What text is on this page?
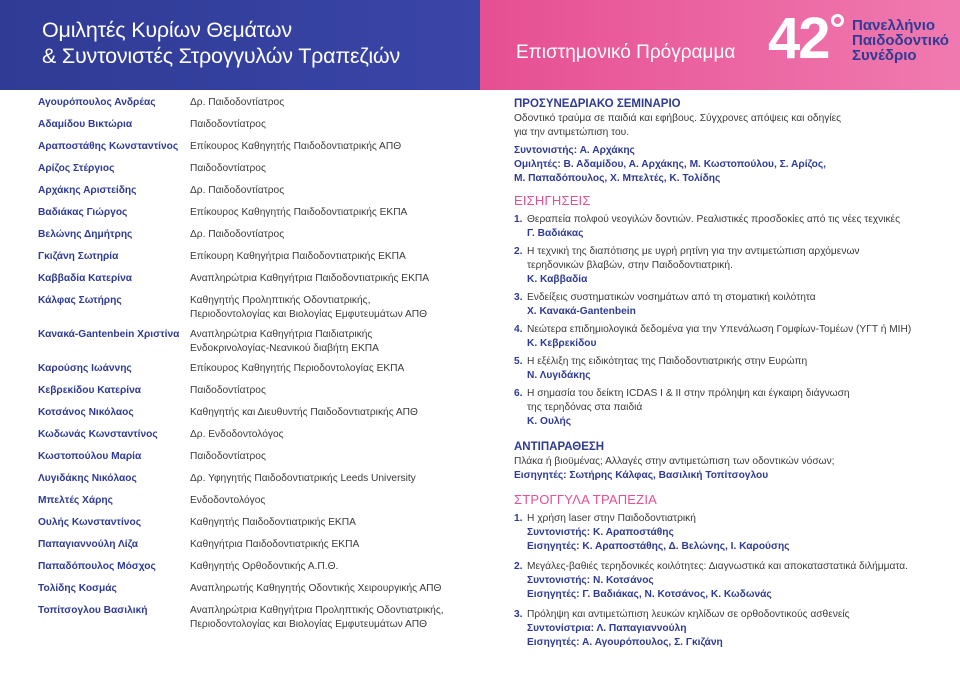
Ομιλητές Κυρίων Θεμάτων
& Συντονιστές Στρογγυλών Τραπεζιών	Επιστημονικό Πρόγραμμα 42 Πανελλήνιο
Παιδοδοντικό
Συνέδριο
Αγουρόπουλος Ανδρέας	Δρ. Παιδοδοντίατρος
Αδαμίδου Βικτώρια	Παιδοδοντίατρος
Αραποστάθης Κωνσταντίνος	Επίκουρος Καθηγητής Παιδοδοντιατρικής ΑΠΘ
Αρίζος Στέργιος	Παιδοδοντίατρος
Αρχάκης Αριστείδης	Δρ. Παιδοδοντίατρος
Βαδιάκας Γιώργος	Επίκουρος Καθηγητής Παιδοδοντιατρικής ΕΚΠΑ
Βελώνης Δημήτρης	Δρ. Παιδοδοντίατρος
Γκιζάνη Σωτηρία	Επίκουρη Καθηγήτρια Παιδοδοντιατρικής ΕΚΠΑ
Καββαδία Κατερίνα	Αναπληρώτρια Καθηγήτρια Παιδοδοντιατρικής ΕΚΠΑ
Κάλφας Σωτήρης	Καθηγητής Προληπτικής Οδοντιατρικής,
Περιοδοντολογίας και Βιολογίας Εμφυτευμάτων ΑΠΘ
Κανακά-Gantenbein Χριστίνα	Αναπληρώτρια Καθηγήτρια Παιδιατρικής
Ενδοκρινολογίας-Νεανικού διαβήτη ΕΚΠΑ
Καρούσης Ιωάννης	Επίκουρος Καθηγητής Περιοδοντολογίας ΕΚΠΑ
Κεβρεκίδου Κατερίνα	Παιδοδοντίατρος
Κοτσάνος Νικόλαος	Καθηγητής και Διευθυντής Παιδοδοντιατρικής ΑΠΘ
Κωδωνάς Κωνσταντίνος	Δρ. Ενδοδοντολόγος
Κωστοπούλου Μαρία	Παιδοδοντίατρος
Λυγιδάκης Νικόλαος	Δρ. Υφηγητής Παιδοδοντιατρικής Leeds University
Μπελτές Χάρης	Ενδοδοντολόγος
Ουλής Κωνσταντίνος	Καθηγητής Παιδοδοντιατρικής ΕΚΠΑ
Παπαγιαννούλη Λίζα	Καθηγήτρια Παιδοδοντιατρικής ΕΚΠΑ
Παπαδόπουλος Μόσχος	Καθηγητής Ορθοδοντικής Α.Π.Θ.
Τολίδης Κοσμάς	Αναπληρωτής Καθηγητής Οδοντικής Χειρουργικής ΑΠΘ
Τοπίτσογλου Βασιλική	Αναπληρώτρια Καθηγήτρια Προληπτικής Οδοντιατρικής,
Περιοδοντολογίας και Βιολογίας Εμφυτευμάτων ΑΠΘ
ΠΡΟΣΥΝΕΔΡΙΑΚΟ ΣΕΜΙΝΑΡΙΟ
Οδοντικό τραύμα σε παιδιά και εφήβους. Σύγχρονες απόψεις και οδηγίες
για την αντιμετώπιση του.
Συντονιστής: Α. Αρχάκης
Ομιλητές: Β. Αδαμίδου, Α. Αρχάκης, Μ. Κωστοπούλου, Σ. Αρίζος,
Μ. Παπαδόπουλος, Χ. Μπελτές, Κ. Τολίδης
ΕΙΣΗΓΗΣΕΙΣ
1. Θεραπεία πολφού νεογιλών δοντιών. Ρεαλιστικές προσδοκίες από τις νέες τεχνικές
Γ. Βαδιάκας
2. Η τεχνική της διαπότισης με υγρή ρητίνη για την αντιμετώπιση αρχόμενων
τερηδονικών βλαβών, στην Παιδοδοντιατρική.
Κ. Καββαδία
3. Ενδείξεις συστηματικών νοσημάτων από τη στοματική κοιλότητα
Χ. Κανακά-Gantenbein
4. Νεώτερα επιδημιολογικά δεδομένα για την Υπενάλωση Γομφίων-Τομέων (ΥΓΤ ή MIH)
Κ. Κεβρεκίδου
5. Η εξέλιξη της ειδικότητας της Παιδοδοντιατρικής στην Ευρώπη
Ν. Λυγιδάκης
6. Η σημασία του δείκτη ICDAS I & II στην πρόληψη και έγκαιρη διάγνωση
της τερηδόνας στα παιδιά
Κ. Ουλής
ΑΝΤΙΠΑΡΑΘΕΣΗ
Πλάκα ή βιοϋμένας; Αλλαγές στην αντιμετώπιση των οδοντικών νόσων;
Εισηγητές: Σωτήρης Κάλφας, Βασιλική Τοπίτσογλου
ΣΤΡΟΓΓΥΛΑ ΤΡΑΠΕΖΙΑ
1. Η χρήση laser στην Παιδοδοντιατρική
Συντονιστής: Κ. Αραποστάθης
Εισηγητές: Κ. Αραποστάθης, Δ. Βελώνης, Ι. Καρούσης
2. Μεγάλες-βαθιές τερηδονικές κοιλότητες: Διαγνωστικά και αποκαταστατικά διλήμματα.
Συντονιστής: Ν. Κοτσάνος
Εισηγητές: Γ. Βαδιάκας, Ν. Κοτσάνος, Κ. Κωδωνάς
3. Πρόληψη και αντιμετώπιση λευκών κηλίδων σε ορθοδοντικούς ασθενείς
Συντονίστρια: Λ. Παπαγιαννούλη
Εισηγητές: Α. Αγουρόπουλος, Σ. Γκιζάνη
